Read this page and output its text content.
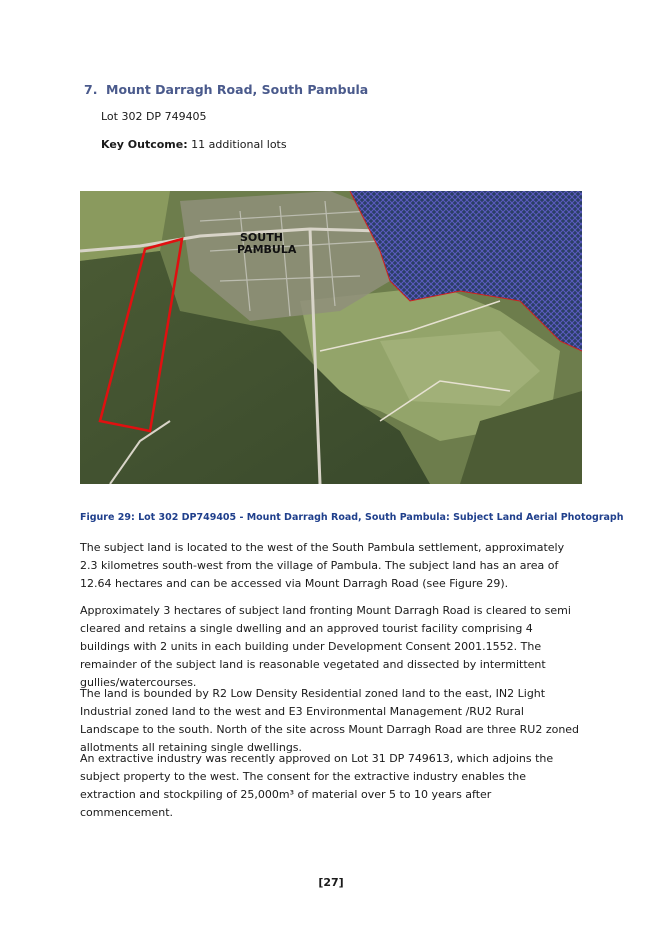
7. Mount Darragh Road, South Pambula

Lot 302 DP 749405

Key Outcome: 11 additional lots

SOUTH
PAMBULA

Figure 29: Lot 302 DP749405 - Mount Darragh Road, South Pambula: Subject Land Aerial Photograph

The subject land is located to the west of the South Pambula settlement, approximately 2.3 kilometres south-west from the village of Pambula. The subject land has an area of 12.64 hectares and can be accessed via Mount Darragh Road (see Figure 29).

Approximately 3 hectares of subject land fronting Mount Darragh Road is cleared to semi cleared and retains a single dwelling and an approved tourist facility comprising 4 buildings with 2 units in each building under Development Consent 2001.1552. The remainder of the subject land is reasonable vegetated and dissected by intermittent gullies/watercourses.

The land is bounded by R2 Low Density Residential zoned land to the east, IN2 Light Industrial zoned land to the west and E3 Environmental Management /RU2 Rural Landscape to the south. North of the site across Mount Darragh Road are three RU2 zoned allotments all retaining single dwellings.

An extractive industry was recently approved on Lot 31 DP 749613, which adjoins the subject property to the west. The consent for the extractive industry enables the extraction and stockpiling of 25,000m³ of material over 5 to 10 years after commencement.

[27]
